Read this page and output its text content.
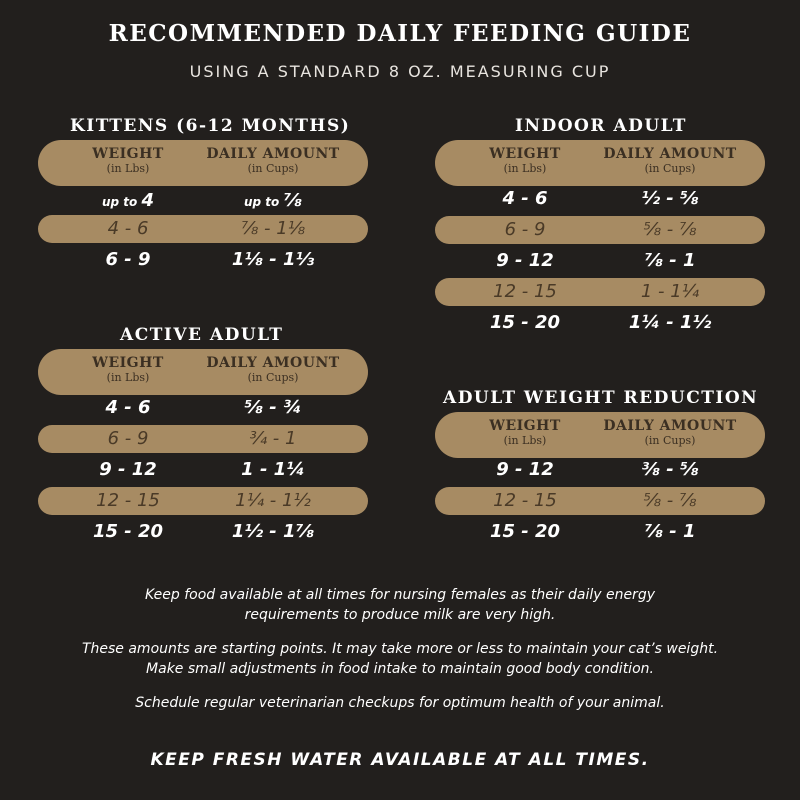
RECOMMENDED DAILY FEEDING GUIDE
USING A STANDARD 8 OZ. MEASURING CUP
KITTENS (6-12 MONTHS)
WEIGHT
(in Lbs)
DAILY AMOUNT
(in Cups)
up to 4	up to ⅞
4 - 6	⅞ - 1⅛
6 - 9	1⅛ - 1⅓
ACTIVE ADULT
WEIGHT
(in Lbs)
DAILY AMOUNT
(in Cups)
4 - 6	⅝ - ¾
6 - 9	¾ - 1
9 - 12	1 - 1¼
12 - 15	1¼ - 1½
15 - 20	1½ - 1⅞
INDOOR ADULT
WEIGHT
(in Lbs)
DAILY AMOUNT
(in Cups)
4 - 6	½ - ⅝
6 - 9	⅝ - ⅞
9 - 12	⅞ - 1
12 - 15	1 - 1¼
15 - 20	1¼ - 1½
ADULT WEIGHT REDUCTION
WEIGHT
(in Lbs)
DAILY AMOUNT
(in Cups)
9 - 12	⅜ - ⅝
12 - 15	⅝ - ⅞
15 - 20	⅞ - 1

Keep food available at all times for nursing females as their daily energy
requirements to produce milk are very high.

These amounts are starting points. It may take more or less to maintain your cat’s weight.
Make small adjustments in food intake to maintain good body condition.

Schedule regular veterinarian checkups for optimum health of your animal.

KEEP FRESH WATER AVAILABLE AT ALL TIMES.
